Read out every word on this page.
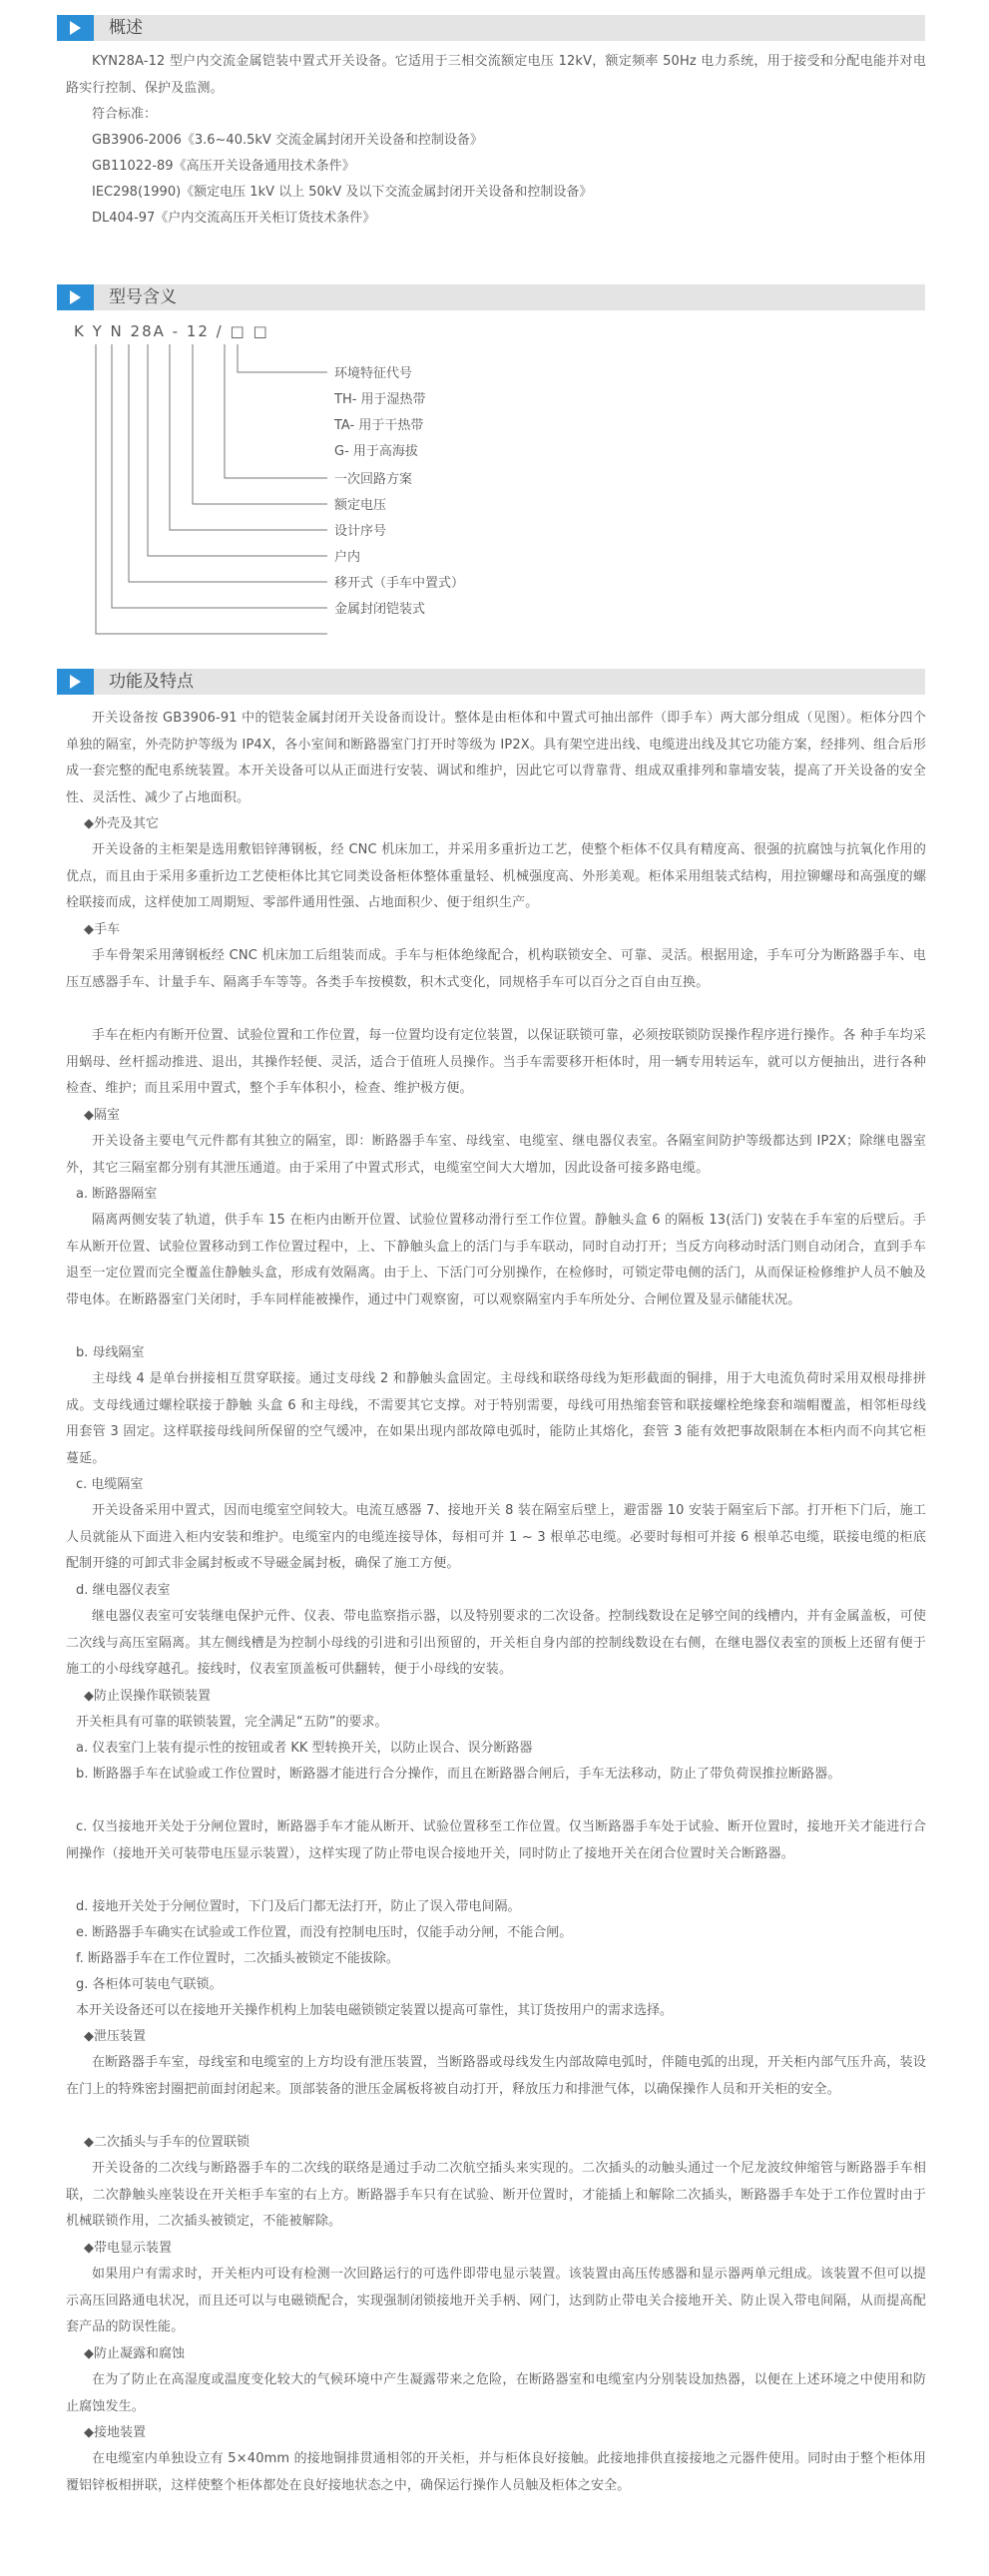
概述

KYN28A-12 型户内交流金属铠装中置式开关设备。它适用于三相交流额定电压 12kV，额定频率 50Hz 电力系统，用于接受和分配电能并对电路实行控制、保护及监测。

符合标准：
GB3906-2006《3.6~40.5kV 交流金属封闭开关设备和控制设备》
GB11022-89《高压开关设备通用技术条件》
IEC298(1990)《额定电压 1kV 以上 50kV 及以下交流金属封闭开关设备和控制设备》
DL404-97《户内交流高压开关柜订货技术条件》
型号含义
K Y N 28A - 12 / □ □
环境特征代号
TH- 用于湿热带
TA- 用于干热带
G- 用于高海拔
一次回路方案
额定电压
设计序号
户内
移开式（手车中置式）
金属封闭铠装式
功能及特点

开关设备按 GB3906-91 中的铠装金属封闭开关设备而设计。整体是由柜体和中置式可抽出部件（即手车）两大部分组成（见图）。柜体分四个单独的隔室，外壳防护等级为 IP4X，各小室间和断路器室门打开时等级为 IP2X。具有架空进出线、电缆进出线及其它功能方案，经排列、组合后形成一套完整的配电系统装置。本开关设备可以从正面进行安装、调试和维护，因此它可以背靠背、组成双重排列和靠墙安装，提高了开关设备的安全性、灵活性、减少了占地面积。

◆外壳及其它

开关设备的主柜架是选用敷铝锌薄钢板，经 CNC 机床加工，并采用多重折边工艺，使整个柜体不仅具有精度高、很强的抗腐蚀与抗氧化作用的优点，而且由于采用多重折边工艺使柜体比其它同类设备柜体整体重量轻、机械强度高、外形美观。柜体采用组装式结构，用拉铆螺母和高强度的螺栓联接而成，这样使加工周期短、零部件通用性强、占地面积少、便于组织生产。

◆手车

手车骨架采用薄钢板经 CNC 机床加工后组装而成。手车与柜体绝缘配合，机构联锁安全、可靠、灵活。根据用途，手车可分为断路器手车、电压互感器手车、计量手车、隔离手车等等。各类手车按模数，积木式变化，同规格手车可以百分之百自由互换。

手车在柜内有断开位置、试验位置和工作位置，每一位置均设有定位装置，以保证联锁可靠，必须按联锁防误操作程序进行操作。各 种手车均采用蜗母、丝杆摇动推进、退出，其操作轻便、灵活，适合于值班人员操作。当手车需要移开柜体时，用一辆专用转运车，就可以方便抽出，进行各种检查、维护；而且采用中置式，整个手车体积小，检查、维护极方便。

◆隔室

开关设备主要电气元件都有其独立的隔室，即：断路器手车室、母线室、电缆室、继电器仪表室。各隔室间防护等级都达到 IP2X；除继电器室外，其它三隔室都分别有其泄压通道。由于采用了中置式形式，电缆室空间大大增加，因此设备可接多路电缆。

a. 断路器隔室

隔离两侧安装了轨道，供手车 15 在柜内由断开位置、试验位置移动滑行至工作位置。静触头盒 6 的隔板 13(活门) 安装在手车室的后壁后。手车从断开位置、试验位置移动到工作位置过程中，上、下静触头盒上的活门与手车联动，同时自动打开；当反方向移动时活门则自动闭合，直到手车退至一定位置而完全覆盖住静触头盒，形成有效隔离。由于上、下活门可分别操作，在检修时，可锁定带电侧的活门，从而保证检修维护人员不触及带电体。在断路器室门关闭时，手车同样能被操作，通过中门观察窗，可以观察隔室内手车所处分、合闸位置及显示储能状况。

b. 母线隔室

主母线 4 是单台拼接相互贯穿联接。通过支母线 2 和静触头盒固定。主母线和联络母线为矩形截面的铜排，用于大电流负荷时采用双根母排拼成。支母线通过螺栓联接于静触 头盒 6 和主母线，不需要其它支撑。对于特别需要，母线可用热缩套管和联接螺栓绝缘套和端帽覆盖，相邻柜母线用套管 3 固定。这样联接母线间所保留的空气缓冲，在如果出现内部故障电弧时，能防止其熔化，套管 3 能有效把事故限制在本柜内而不向其它柜蔓延。

c. 电缆隔室

开关设备采用中置式，因而电缆室空间较大。电流互感器 7、接地开关 8 装在隔室后壁上，避雷器 10 安装于隔室后下部。打开柜下门后，施工人员就能从下面进入柜内安装和维护。电缆室内的电缆连接导体，每相可并 1 ~ 3 根单芯电缆。必要时每相可并接 6 根单芯电缆，联接电缆的柜底配制开缝的可卸式非金属封板或不导磁金属封板，确保了施工方便。

d. 继电器仪表室

继电器仪表室可安装继电保护元件、仪表、带电监察指示器，以及特别要求的二次设备。控制线数设在足够空间的线槽内，并有金属盖板，可使二次线与高压室隔离。其左侧线槽是为控制小母线的引进和引出预留的，开关柜自身内部的控制线数设在右侧，在继电器仪表室的顶板上还留有便于施工的小母线穿越孔。接线时，仪表室顶盖板可供翻转，便于小母线的安装。

◆防止误操作联锁装置
开关柜具有可靠的联锁装置，完全满足“五防”的要求。
a. 仪表室门上装有提示性的按钮或者 KK 型转换开关，以防止误合、误分断路器

b. 断路器手车在试验或工作位置时，断路器才能进行合分操作，而且在断路器合闸后，手车无法移动，防止了带负荷误推拉断路器。

c. 仅当接地开关处于分闸位置时，断路器手车才能从断开、试验位置移至工作位置。仅当断路器手车处于试验、断开位置时，接地开关才能进行合闸操作（接地开关可装带电压显示装置），这样实现了防止带电误合接地开关，同时防止了接地开关在闭合位置时关合断路器。

d. 接地开关处于分闸位置时，下门及后门都无法打开，防止了误入带电间隔。
e. 断路器手车确实在试验或工作位置，而没有控制电压时，仅能手动分闸，不能合闸。
f. 断路器手车在工作位置时，二次插头被锁定不能拔除。
g. 各柜体可装电气联锁。
本开关设备还可以在接地开关操作机构上加装电磁锁锁定装置以提高可靠性，其订货按用户的需求选择。
◆泄压装置

在断路器手车室，母线室和电缆室的上方均设有泄压装置，当断路器或母线发生内部故障电弧时，伴随电弧的出现，开关柜内部气压升高，装设在门上的特殊密封圈把前面封闭起来。顶部装备的泄压金属板将被自动打开，释放压力和排泄气体，以确保操作人员和开关柜的安全。

◆二次插头与手车的位置联锁

开关设备的二次线与断路器手车的二次线的联络是通过手动二次航空插头来实现的。二次插头的动触头通过一个尼龙波纹伸缩管与断路器手车相联，二次静触头座装设在开关柜手车室的右上方。断路器手车只有在试验、断开位置时，才能插上和解除二次插头，断路器手车处于工作位置时由于机械联锁作用，二次插头被锁定，不能被解除。

◆带电显示装置

如果用户有需求时，开关柜内可设有检测一次回路运行的可选件即带电显示装置。该装置由高压传感器和显示器两单元组成。该装置不但可以提示高压回路通电状况，而且还可以与电磁锁配合，实现强制闭锁接地开关手柄、网门，达到防止带电关合接地开关、防止误入带电间隔，从而提高配套产品的防误性能。

◆防止凝露和腐蚀

在为了防止在高湿度或温度变化较大的气候环境中产生凝露带来之危险，在断路器室和电缆室内分别装设加热器，以便在上述环境之中使用和防止腐蚀发生。

◆接地装置

在电缆室内单独设立有 5×40mm 的接地铜排贯通相邻的开关柜，并与柜体良好接触。此接地排供直接接地之元器件使用。同时由于整个柜体用覆铝锌板相拼联，这样使整个柜体都处在良好接地状态之中，确保运行操作人员触及柜体之安全。
